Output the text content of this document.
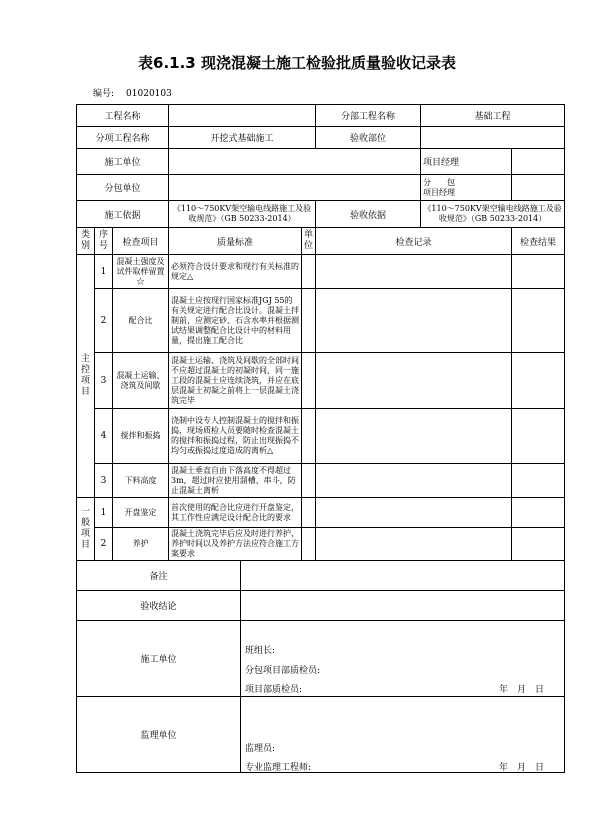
表6.1.3 现浇混凝土施工检验批质量验收记录表
编号: 01020103
工程名称						分部工程名称	基础工程	
分项工程名称			开挖式基础施工			验收部位		
施工单位							项目经理	
分包单位							分　　包
项目经理	

施工依据			《110～750KV架空输电线路施工及验收规范》（GB 50233-2014）			验收依据	《110～750KV架空输电线路施工及验收规范》（GB 50233-2014）	
类别	序号	检查项目	质量标准		单位	检查记录		检查结果
主控项目	1	混凝土强度及试件取样留置☆	必须符合设计要求和现行有关标准的规定△					
	2	配合比	混凝土应按现行国家标准JGJ 55的有关规定进行配合比设计。混凝土拌制前，应测定砂、石含水率并根据测试结果调整配合比设计中的材料用量，提出施工配合比					
	3	混凝土运输、浇筑及间歇	混凝土运输、浇筑及间歇的全部时间不应超过混凝土的初凝时间，同一施工段的混凝土应连续浇筑，并应在底层混凝土初凝之前将上一层混凝土浇筑完毕					
	4	搅拌和振捣	浇制中设专人控制混凝土的搅拌和振捣，现场质检人员要随时检查混凝土的搅拌和振捣过程，防止出现振捣不均匀或振捣过度造成的离析△					
	3	下料高度	混凝土垂直自由下落高度不得超过3m，超过时应使用溜槽、串斗，防止混凝土离析					
一般项目	1	开盘鉴定	首次使用的配合比应进行开盘鉴定，其工作性应满足设计配合比的要求					
	2	养护	混凝土浇筑完毕后应及时进行养护，养护时间以及养护方法应符合施工方案要求					
备注								
验收结论								
施工单位				班组长:
分包项目部质检员:
项目部质检员: 年　月　日				

监理单位				监理员:
专业监理工程师: 年　月　日				
